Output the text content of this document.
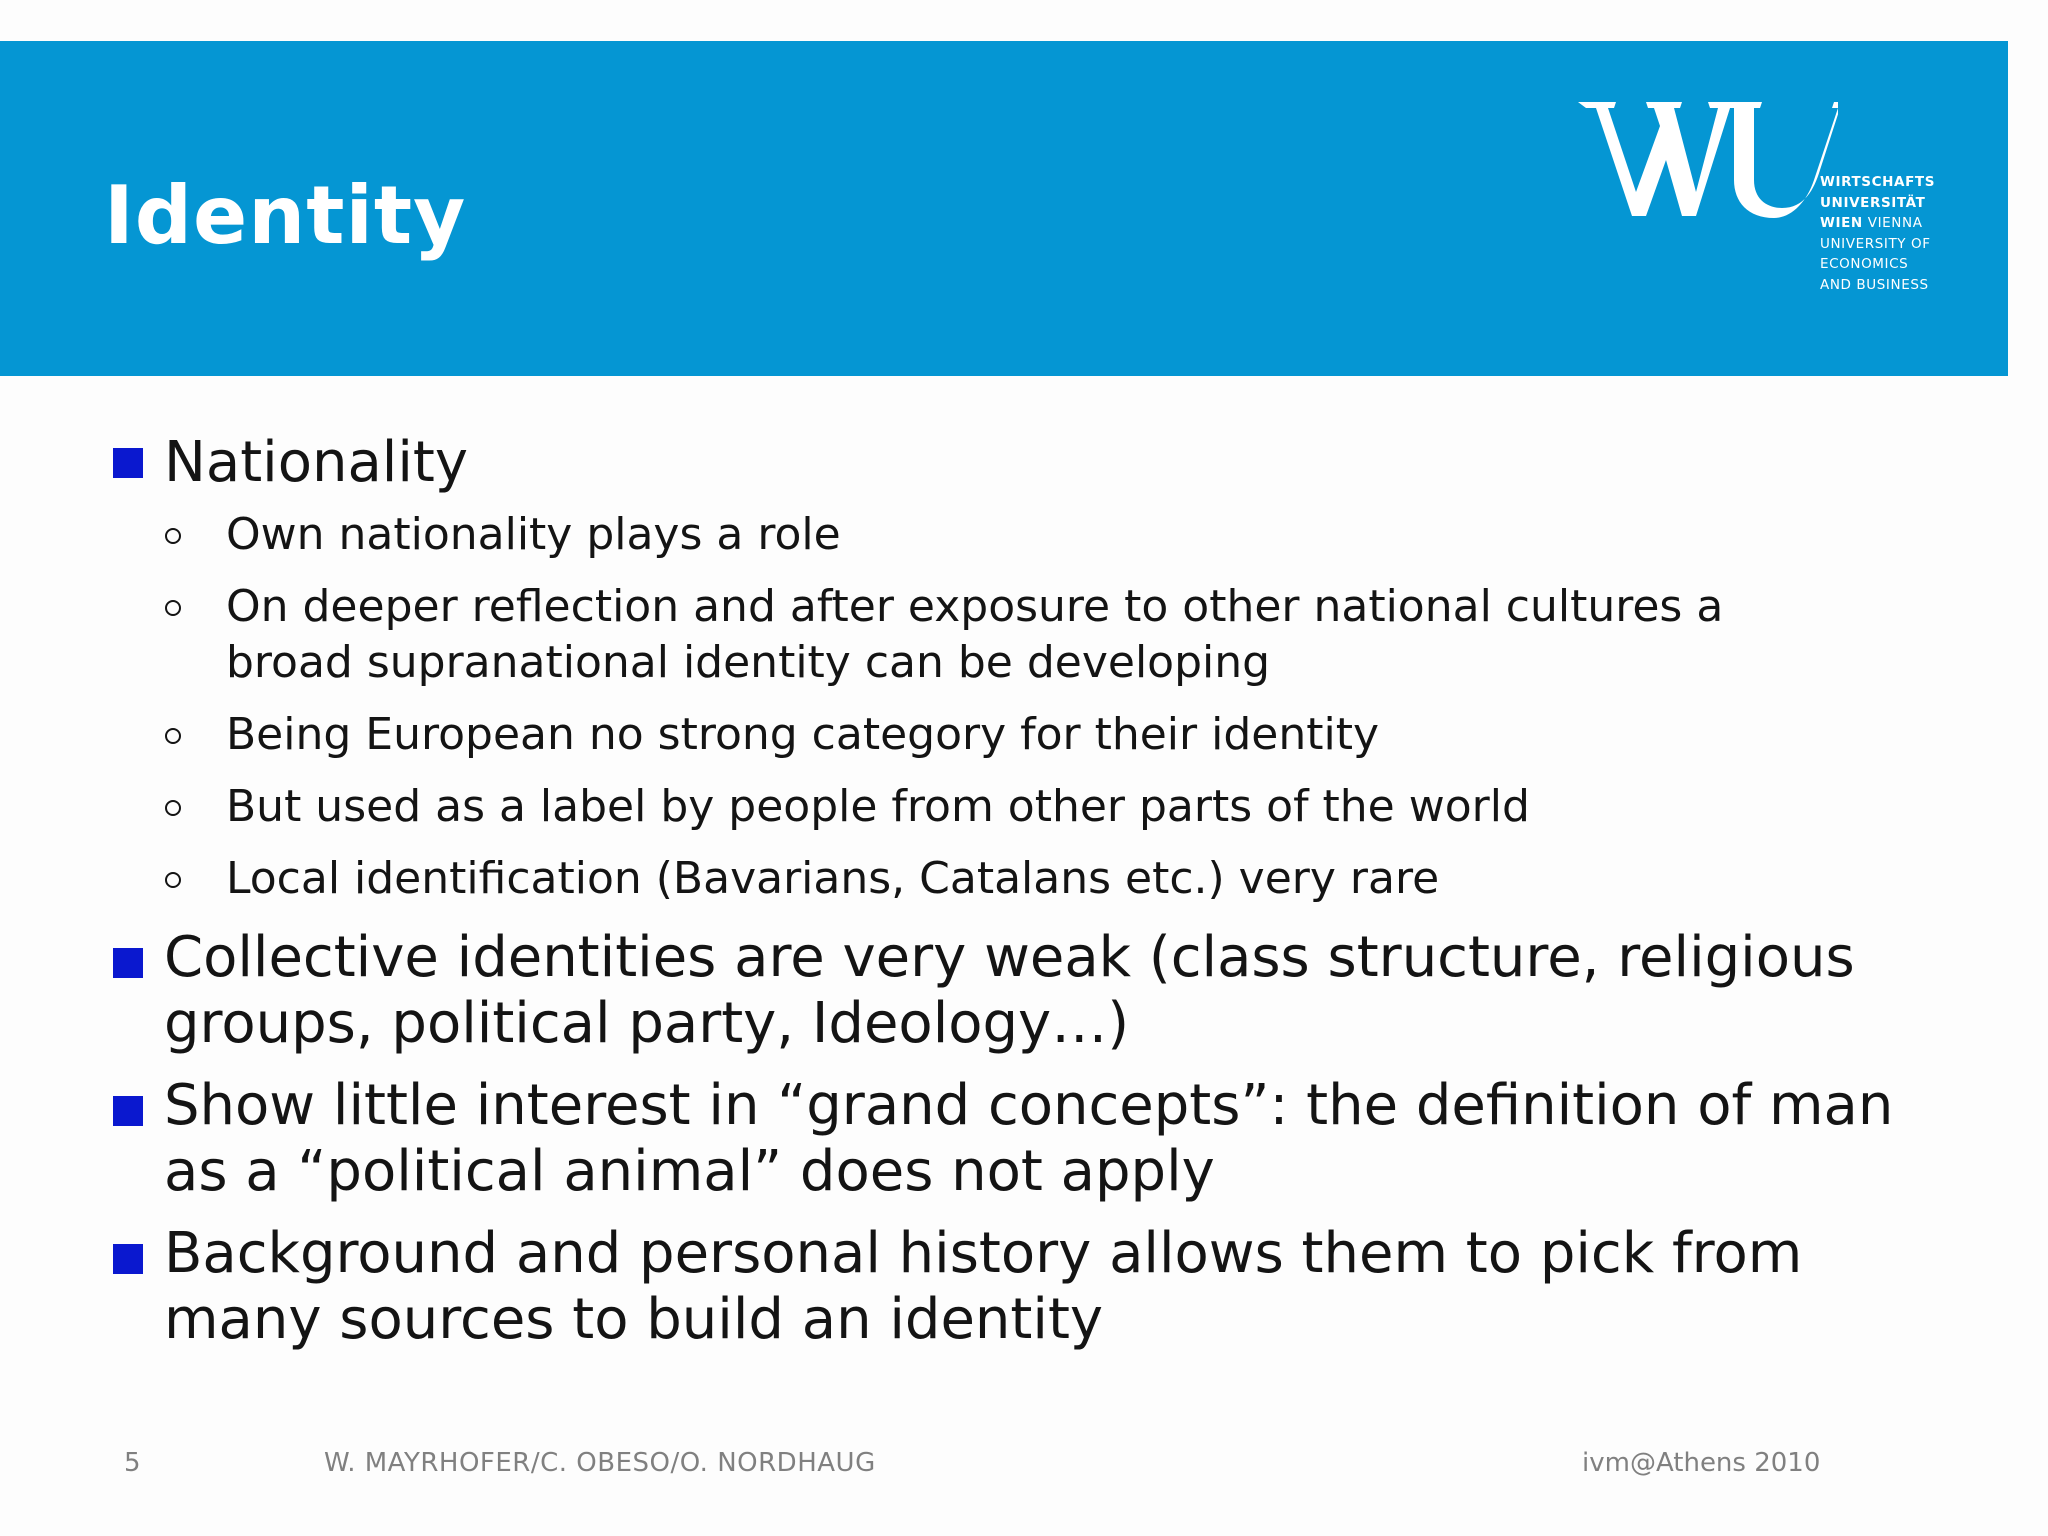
Identity	WIRTSCHAFTS
UNIVERSITÄT
WIEN VIENNA
UNIVERSITY OF
ECONOMICS
AND BUSINESS
Nationality
Own nationality plays a role
On deeper reflection and after exposure to other national cultures a broad supranational identity can be developing
Being European no strong category for their identity
But used as a label by people from other parts of the world
Local identification (Bavarians, Catalans etc.) very rare
Collective identities are very weak (class structure, religious groups, political party, Ideology…)
Show little interest in “grand concepts”: the definition of man as a “political animal” does not apply
Background and personal history allows them to pick from many sources to build an identity
5	W. MAYRHOFER/C. OBESO/O. NORDHAUG	ivm@Athens 2010
